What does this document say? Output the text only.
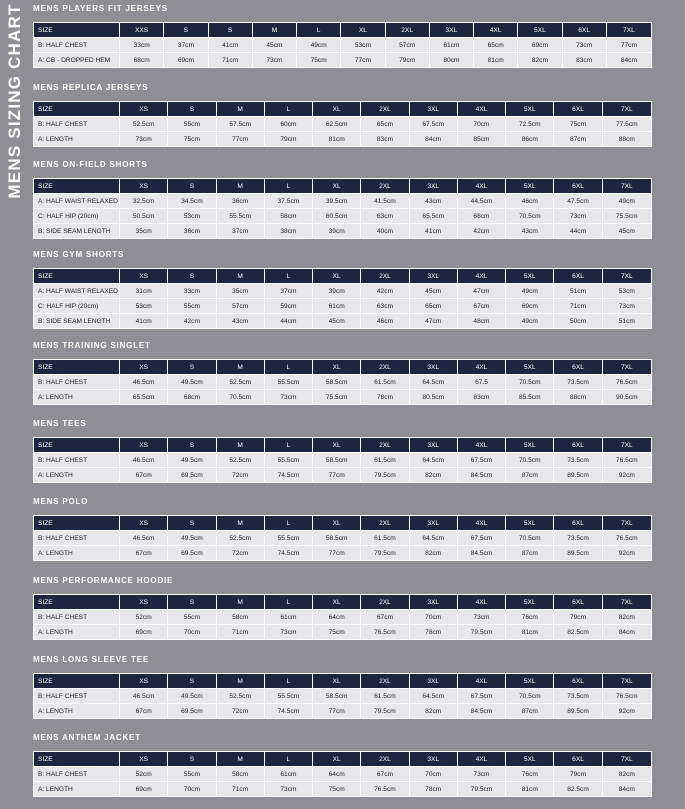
MENS SIZING CHART MENS PLAYERS FIT JERSEYS
SIZE	XXS	S	S	M	L	XL	2XL	3XL	4XL	5XL	6XL	7XL
B: HALF CHEST	33cm	37cm	41cm	45cm	49cm	53cm	57cm	61cm	65cm	69cm	73cm	77cm
A: CB - DROPPED HEM	68cm	69cm	71cm	73cm	75cm	77cm	79cm	80cm	81cm	82cm	83cm	84cm
MENS REPLICA JERSEYS
SIZE	XS	S	M	L	XL	2XL	3XL	4XL	5XL	6XL	7XL
B: HALF CHEST	52.5cm	55cm	57.5cm	60cm	62.5cm	65cm	67.5cm	70cm	72.5cm	75cm	77.5cm
A: LENGTH	73cm	75cm	77cm	79cm	81cm	83cm	84cm	85cm	86cm	87cm	88cm
MENS ON-FIELD SHORTS
SIZE	XS	S	M	L	XL	2XL	3XL	4XL	5XL	6XL	7XL
A: HALF WAIST RELAXED	32.5cm	34.5cm	36cm	37.5cm	39.5cm	41.5cm	43cm	44.5cm	46cm	47.5cm	49cm
C: HALF HIP (20cm)	50.5cm	53cm	55.5cm	58cm	60.5cm	63cm	65.5cm	68cm	70.5cm	73cm	75.5cm
B: SIDE SEAM LENGTH	35cm	36cm	37cm	38cm	39cm	40cm	41cm	42cm	43cm	44cm	45cm
MENS GYM SHORTS
SIZE	XS	S	M	L	XL	2XL	3XL	4XL	5XL	6XL	7XL
A: HALF WAIST RELAXED	31cm	33cm	35cm	37cm	39cm	42cm	45cm	47cm	49cm	51cm	53cm
C: HALF HIP (20cm)	53cm	55cm	57cm	59cm	61cm	63cm	65cm	67cm	69cm	71cm	73cm
B: SIDE SEAM LENGTH	41cm	42cm	43cm	44cm	45cm	46cm	47cm	48cm	49cm	50cm	51cm
MENS TRAINING SINGLET
SIZE	XS	S	M	L	XL	2XL	3XL	4XL	5XL	6XL	7XL
B: HALF CHEST	46.5cm	49.5cm	52.5cm	55.5cm	58.5cm	61.5cm	64.5cm	67.5	70.5cm	73.5cm	76.5cm
A: LENGTH	65.5cm	68cm	70.5cm	73cm	75.5cm	78cm	80.5cm	83cm	85.5cm	88cm	90.5cm
MENS TEES
SIZE	XS	S	M	L	XL	2XL	3XL	4XL	5XL	6XL	7XL
B: HALF CHEST	46.5cm	49.5cm	52.5cm	55.5cm	58.5cm	61.5cm	64.5cm	67.5cm	70.5cm	73.5cm	76.5cm
A: LENGTH	67cm	69.5cm	72cm	74.5cm	77cm	79.5cm	82cm	84.5cm	87cm	89.5cm	92cm
MENS POLO
SIZE	XS	S	M	L	XL	2XL	3XL	4XL	5XL	6XL	7XL
B: HALF CHEST	46.5cm	49.5cm	52.5cm	55.5cm	58.5cm	61.5cm	64.5cm	67.5cm	70.5cm	73.5cm	76.5cm
A: LENGTH	67cm	69.5cm	72cm	74.5cm	77cm	79.5cm	82cm	84.5cm	87cm	89.5cm	92cm
MENS PERFORMANCE HOODIE
SIZE	XS	S	M	L	XL	2XL	3XL	4XL	5XL	6XL	7XL
B: HALF CHEST	52cm	55cm	58cm	61cm	64cm	67cm	70cm	73cm	76cm	79cm	82cm
A: LENGTH	69cm	70cm	71cm	73cm	75cm	76.5cm	78cm	79.5cm	81cm	82.5cm	84cm
MENS LONG SLEEVE TEE
SIZE	XS	S	M	L	XL	2XL	3XL	4XL	5XL	6XL	7XL
B: HALF CHEST	46.5cm	49.5cm	52.5cm	55.5cm	58.5cm	61.5cm	64.5cm	67.5cm	70.5cm	73.5cm	76.5cm
A: LENGTH	67cm	69.5cm	72cm	74.5cm	77cm	79.5cm	82cm	84.5cm	87cm	89.5cm	92cm
MENS ANTHEM JACKET
SIZE	XS	S	M	L	XL	2XL	3XL	4XL	5XL	6XL	7XL
B: HALF CHEST	52cm	55cm	58cm	61cm	64cm	67cm	70cm	73cm	76cm	79cm	82cm
A: LENGTH	69cm	70cm	71cm	73cm	75cm	76.5cm	78cm	79.5cm	81cm	82.5cm	84cm
